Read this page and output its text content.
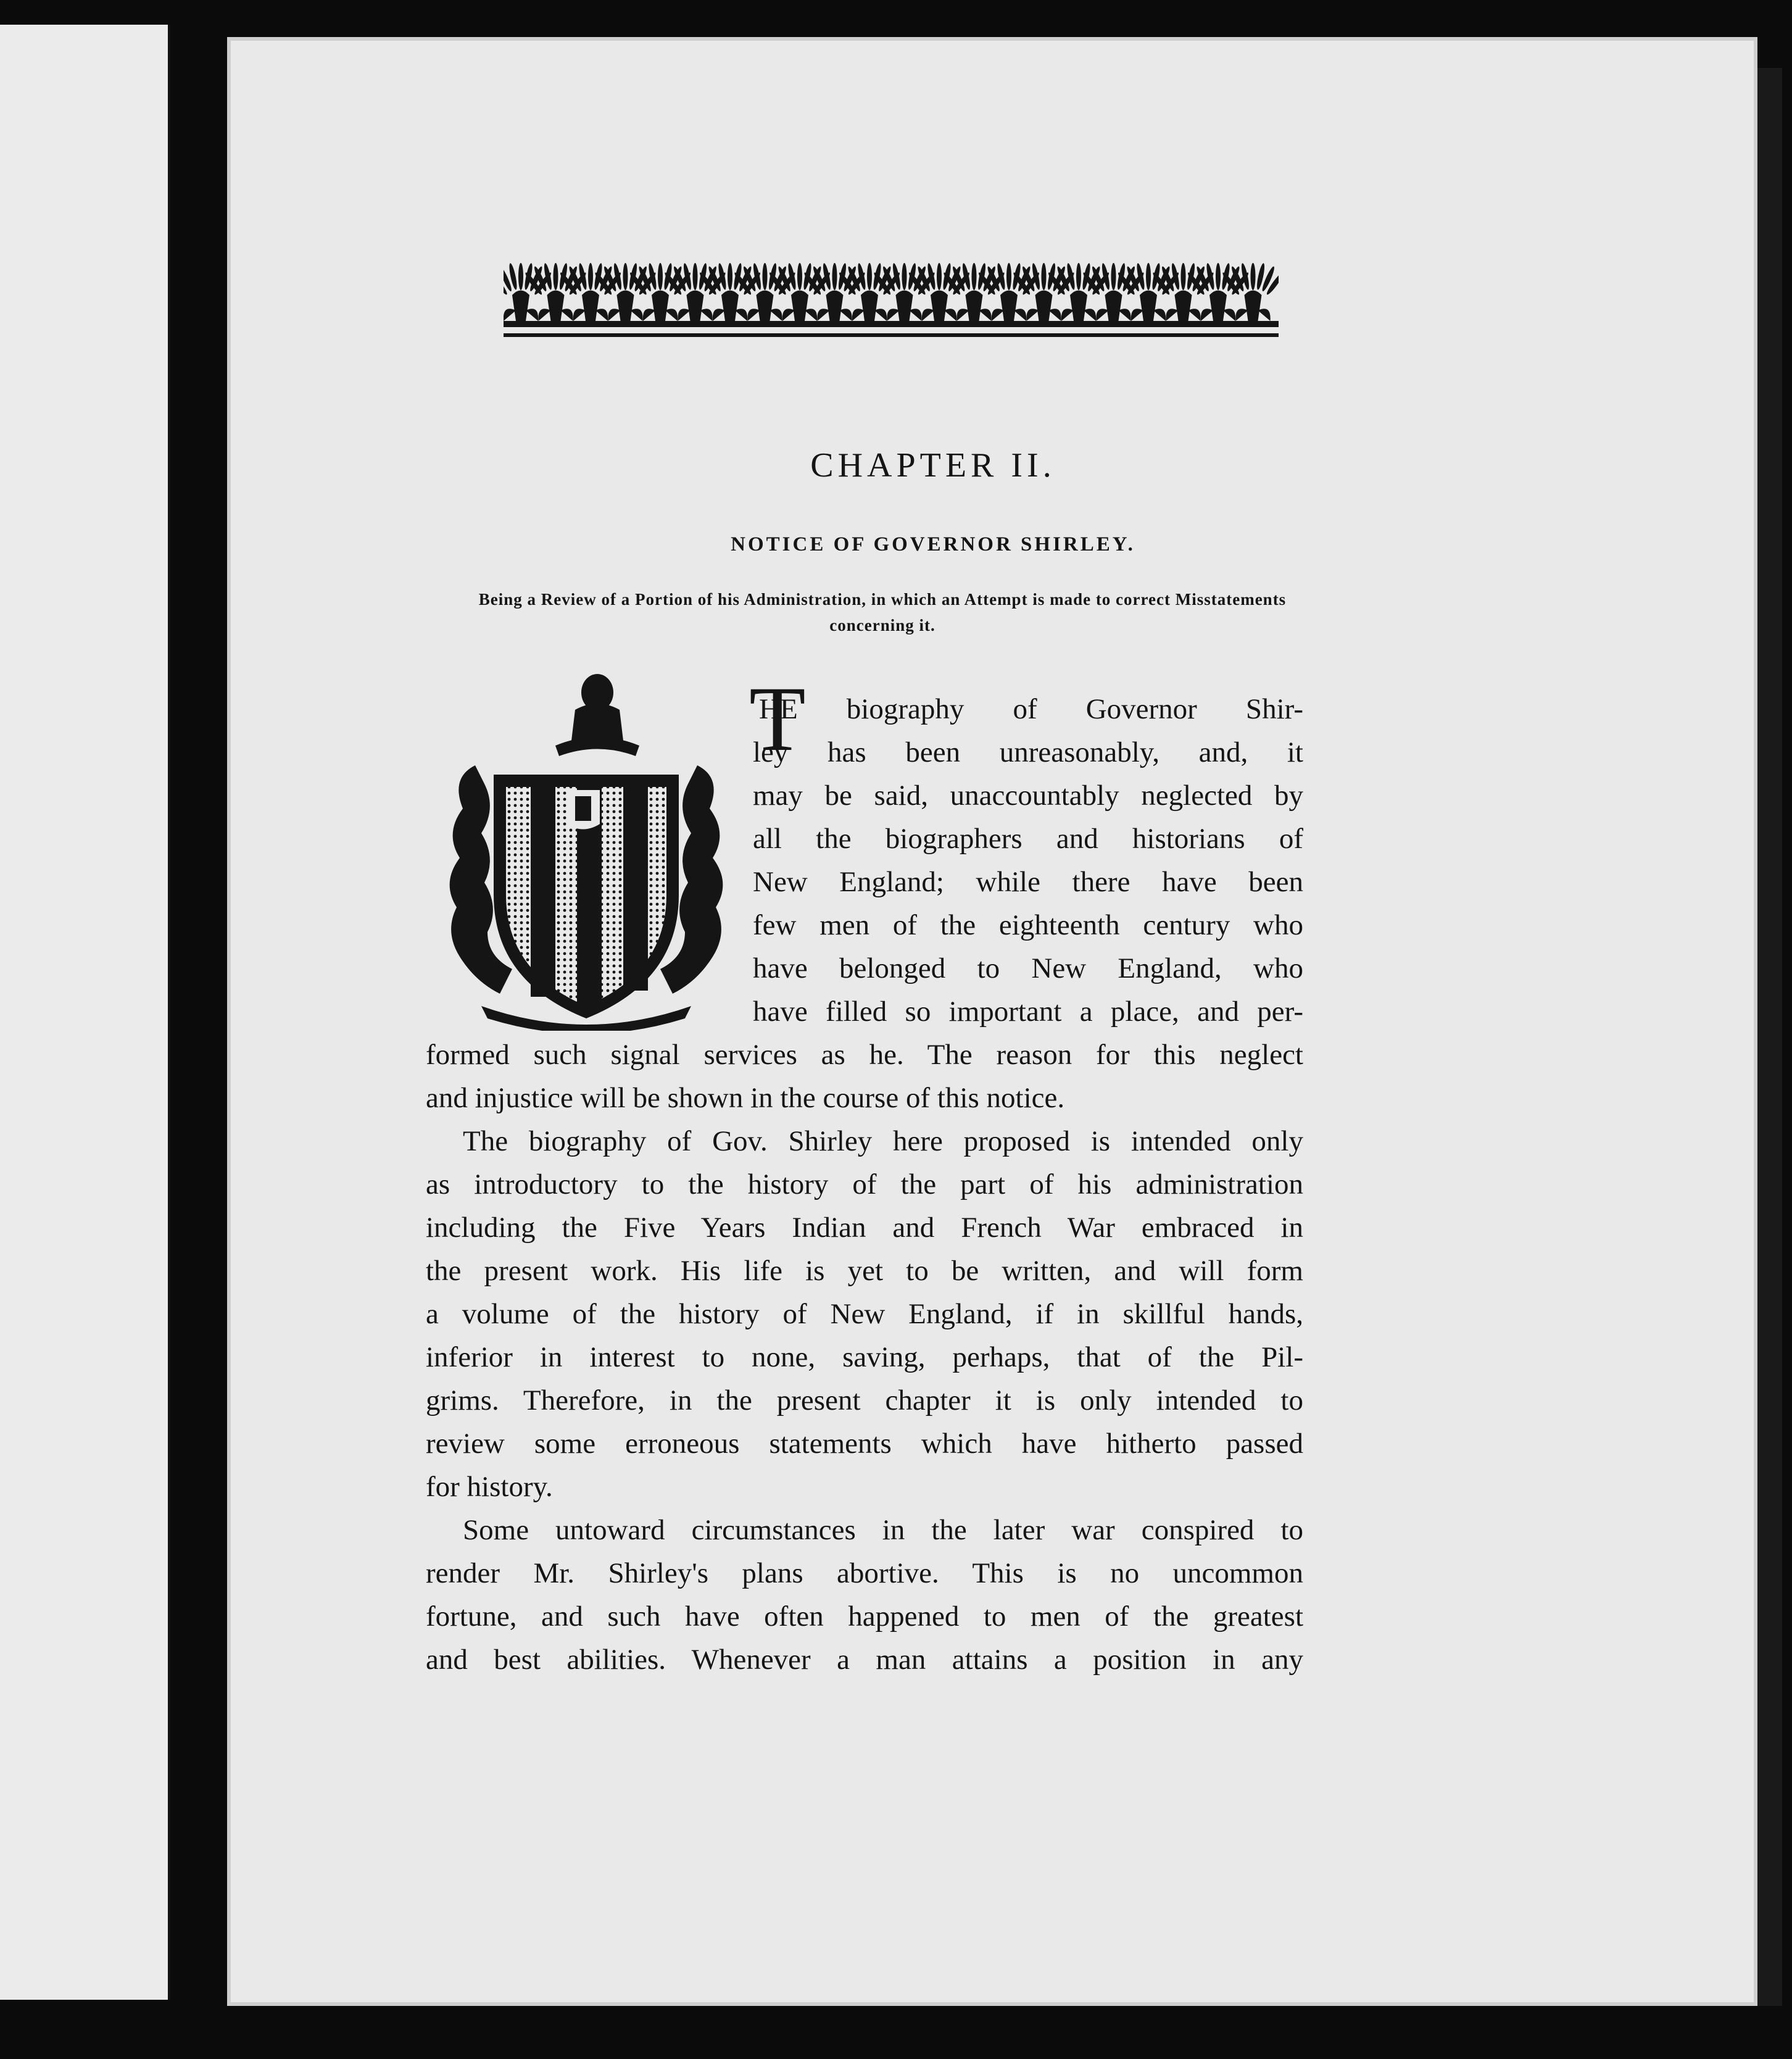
CHAPTER II.
NOTICE OF GOVERNOR SHIRLEY.
Being a Review of a Portion of his Administration, in which an Attempt is made to correct Misstatements concerning it.
T
HE biography of Governor Shir-
ley has been unreasonably, and, it
may be said, unaccountably neglected by
all the biographers and historians of
New England; while there have been
few men of the eighteenth century who
have belonged to New England, who
have filled so important a place, and per-
formed such signal services as he. The reason for this neglect
and injustice will be shown in the course of this notice.
The biography of Gov. Shirley here proposed is intended only
as introductory to the history of the part of his administration
including the Five Years Indian and French War embraced in
the present work. His life is yet to be written, and will form
a volume of the history of New England, if in skillful hands,
inferior in interest to none, saving, perhaps, that of the Pil-
grims. Therefore, in the present chapter it is only intended to
review some erroneous statements which have hitherto passed
for history.
Some untoward circumstances in the later war conspired to
render Mr. Shirley's plans abortive. This is no uncommon
fortune, and such have often happened to men of the greatest
and best abilities. Whenever a man attains a position in any
